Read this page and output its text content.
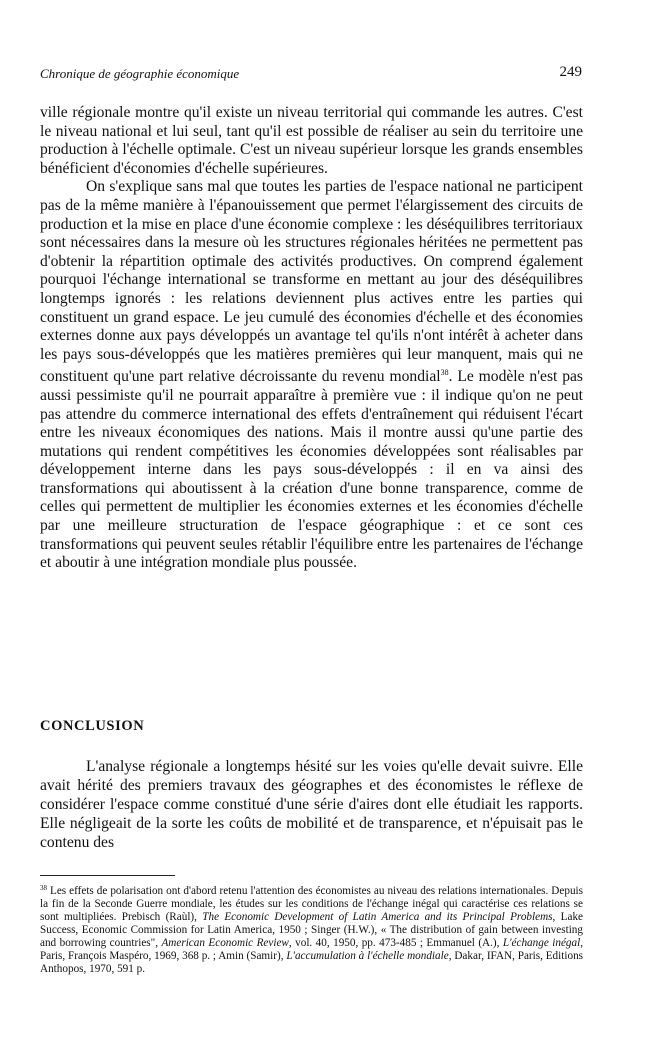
Chronique de géographie économique	249

ville régionale montre qu'il existe un niveau territorial qui commande les autres. C'est le niveau national et lui seul, tant qu'il est possible de réaliser au sein du territoire une production à l'échelle optimale. C'est un niveau supérieur lorsque les grands ensembles bénéficient d'économies d'échelle supérieures.

On s'explique sans mal que toutes les parties de l'espace national ne participent pas de la même manière à l'épanouissement que permet l'élargissement des circuits de production et la mise en place d'une économie complexe : les déséquilibres territoriaux sont nécessaires dans la mesure où les structures régionales héritées ne permettent pas d'obtenir la répartition optimale des activités productives. On comprend également pourquoi l'échange international se transforme en mettant au jour des déséquilibres longtemps ignorés : les relations deviennent plus actives entre les parties qui constituent un grand espace. Le jeu cumulé des économies d'échelle et des économies externes donne aux pays développés un avantage tel qu'ils n'ont intérêt à acheter dans les pays sous-développés que les matières premières qui leur manquent, mais qui ne constituent qu'une part relative décroissante du revenu mondial$^{38}$. Le modèle n'est pas aussi pessimiste qu'il ne pourrait apparaître à première vue : il indique qu'on ne peut pas attendre du commerce international des effets d'entraînement qui réduisent l'écart entre les niveaux économiques des nations. Mais il montre aussi qu'une partie des mutations qui rendent compétitives les économies développées sont réalisables par développement interne dans les pays sous-développés : il en va ainsi des transformations qui aboutissent à la création d'une bonne transparence, comme de celles qui permettent de multiplier les économies externes et les économies d'échelle par une meilleure structuration de l'espace géographique : et ce sont ces transformations qui peuvent seules rétablir l'équilibre entre les partenaires de l'échange et aboutir à une intégration mondiale plus poussée.

CONCLUSION

L'analyse régionale a longtemps hésité sur les voies qu'elle devait suivre. Elle avait hérité des premiers travaux des géographes et des économistes le réflexe de considérer l'espace comme constitué d'une série d'aires dont elle étudiait les rapports. Elle négligeait de la sorte les coûts de mobilité et de transparence, et n'épuisait pas le contenu des

$^{38}$ Les effets de polarisation ont d'abord retenu l'attention des économistes au niveau des relations internationales. Depuis la fin de la Seconde Guerre mondiale, les études sur les conditions de l'échange inégal qui caractérise ces relations se sont multipliées. Prebisch (Raùl), The Economic Development of Latin America and its Principal Problems, Lake Success, Economic Commission for Latin America, 1950 ; Singer (H.W.), « The distribution of gain between investing and borrowing countries", American Economic Review, vol. 40, 1950, pp. 473-485 ; Emmanuel (A.), L'échange inégal, Paris, François Maspéro, 1969, 368 p. ; Amin (Samir), L'accumulation à l'échelle mondiale, Dakar, IFAN, Paris, Editions Anthopos, 1970, 591 p.
